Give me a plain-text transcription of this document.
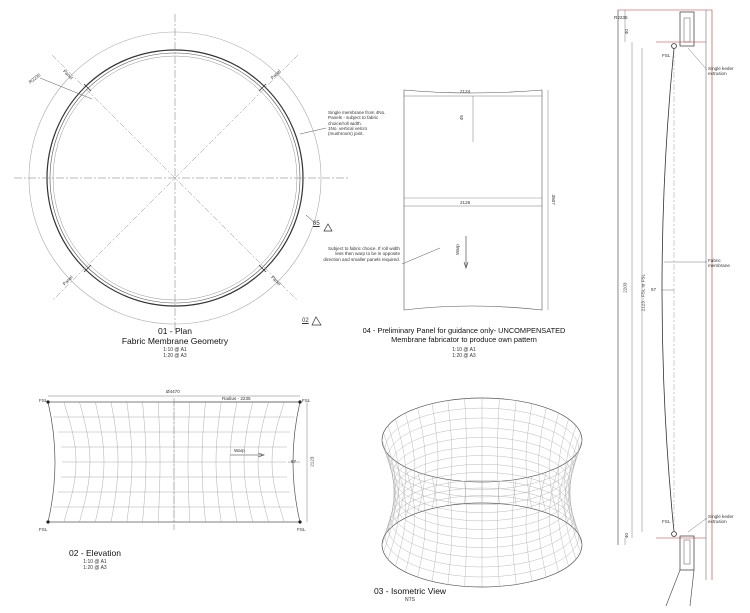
R2235	Panel	Panel
Panel	Panel
Single membrane from 4No.
Panels - subject to fabric
choice/roll width.
1No. vertical velcro
(mushroom) joint.
05
02
01 - Plan
Fabric Membrane Geometry
1:10 @ A1
1:20 @ A3
2124
45
2126	3507
Warp
Subject to fabric choice. If roll width
less then warp to be in opposite
direction and smaller panels required.
04 - Preliminary Panel for guidance only- UNCOMPENSATED
Membrane fabricator to produce own pattern
1:10 @ A1
1:20 @ A3
Ø4470
Radius - 2235
FSL	FSL
FSL	FSL
2123
57
Warp
02 - Elevation
1:10 @ A1
1:20 @ A3
03 - Isometric View
NTS
R2235
40
40
FSL
FSL
Single keder
extrusion
Fabric
membrane
Single keder
extrusion
57
2203	2123 - FSL to FSL
